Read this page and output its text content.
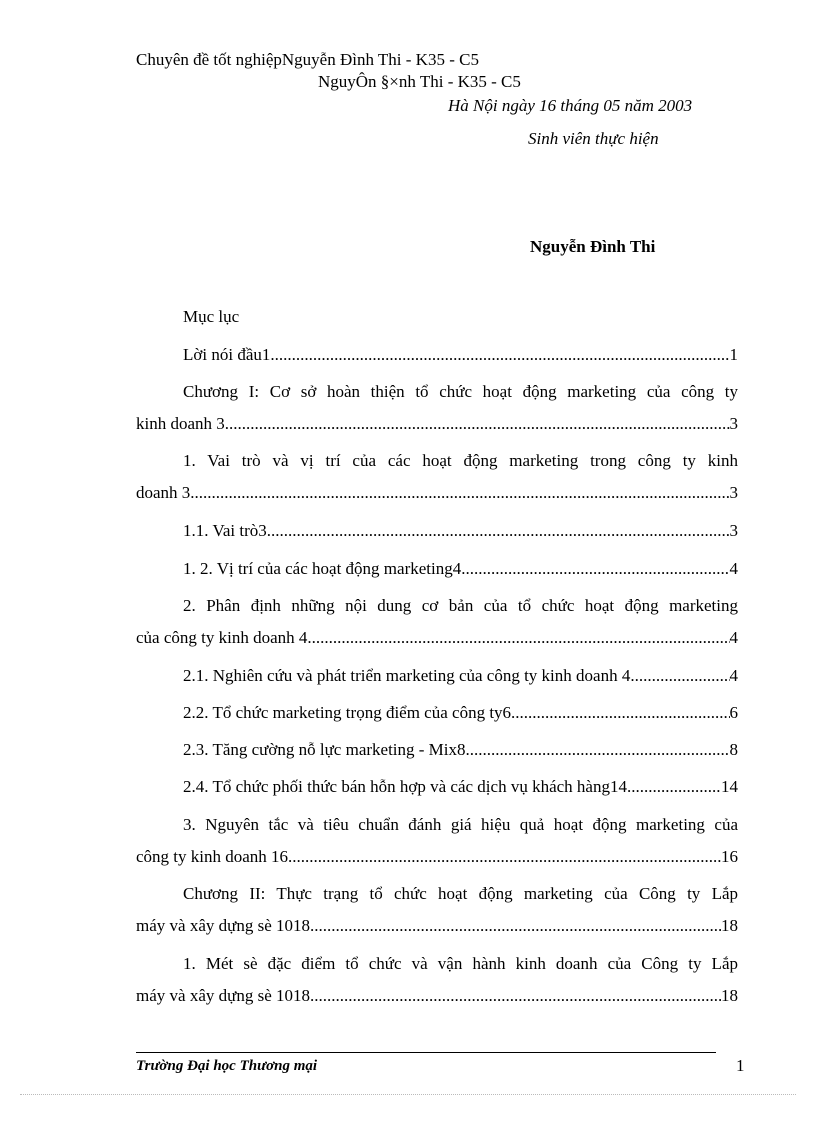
Chuyên đề tốt nghiệpNguyễn Đình Thi - K35 - C5
NguyÔn §×nh Thi - K35 - C5
Hà Nội ngày 16 tháng 05 năm 2003
Sinh viên thực hiện
Nguyễn Đình Thi
Mục lục
Lời nói đầu1 .....	1
Chương I: Cơ sở hoàn thiện tổ chức hoạt động marketing của công ty
kinh doanh 3 .....	3
1. Vai trò và vị trí của các hoạt động marketing trong công ty kinh
doanh 3 .....	3
1.1. Vai trò3 .....	3
1. 2. Vị trí của các hoạt động marketing4 .....	4
2. Phân định những nội dung cơ bản của tổ chức hoạt động marketing
của công ty kinh doanh 4 .....	4
2.1. Nghiên cứu và phát triển marketing của công ty kinh doanh 4 .....	4
2.2. Tổ chức marketing trọng điểm của công ty6 .....	6
2.3. Tăng cường nỗ lực marketing - Mix8 .....	8
2.4. Tổ chức phối thức bán hỗn hợp và các dịch vụ khách hàng14 .....	14
3. Nguyên tắc và tiêu chuẩn đánh giá hiệu quả hoạt động marketing của
công ty kinh doanh 16 .....	16
Chương II: Thực trạng tổ chức hoạt động marketing của Công ty Lắp
máy và xây dựng sè 1018 .....	18
1. Mét sè đặc điểm tổ chức và vận hành kinh doanh của Công ty Lắp
máy và xây dựng sè 1018 .....	18
Trường Đại học Thương mại	1
